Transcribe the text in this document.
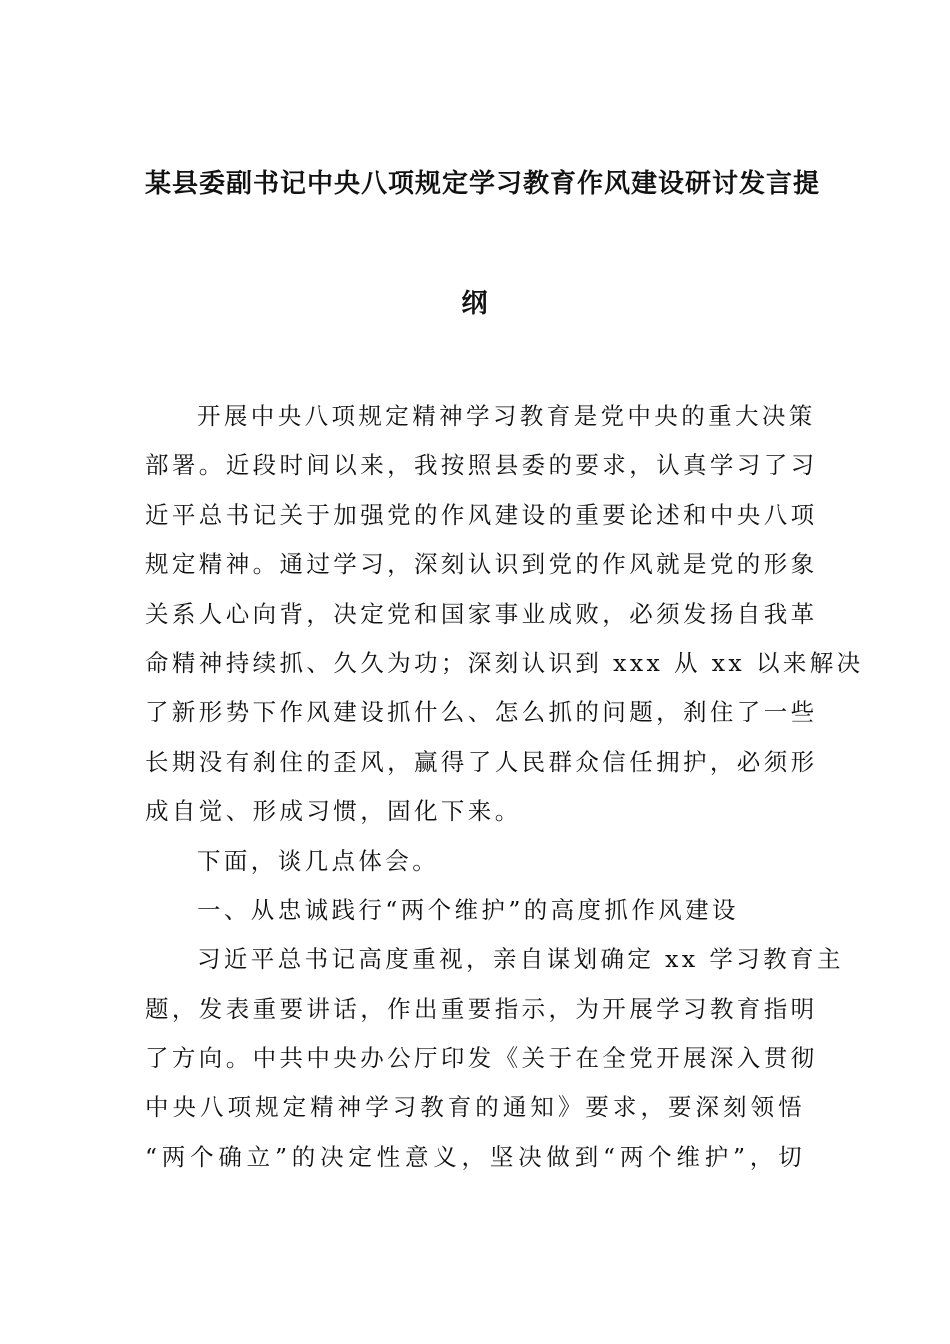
某县委副书记中央八项规定学习教育作风建设研讨发言提
纲
开展中央八项规定精神学习教育是党中央的重大决策
部署。近段时间以来，我按照县委的要求，认真学习了习
近平总书记关于加强党的作风建设的重要论述和中央八项
规定精神。通过学习，深刻认识到党的作风就是党的形象
关系人心向背，决定党和国家事业成败，必须发扬自我革
命精神持续抓、久久为功；深刻认识到 xxx 从 xx 以来解决
了新形势下作风建设抓什么、怎么抓的问题，刹住了一些
长期没有刹住的歪风，赢得了人民群众信任拥护，必须形
成自觉、形成习惯，固化下来。
下面，谈几点体会。
一、从忠诚践行“两个维护”的高度抓作风建设
习近平总书记高度重视，亲自谋划确定 xx 学习教育主
题，发表重要讲话，作出重要指示，为开展学习教育指明
了方向。中共中央办公厅印发《关于在全党开展深入贯彻
中央八项规定精神学习教育的通知》要求，要深刻领悟
“两个确立”的决定性意义，坚决做到“两个维护”，切
